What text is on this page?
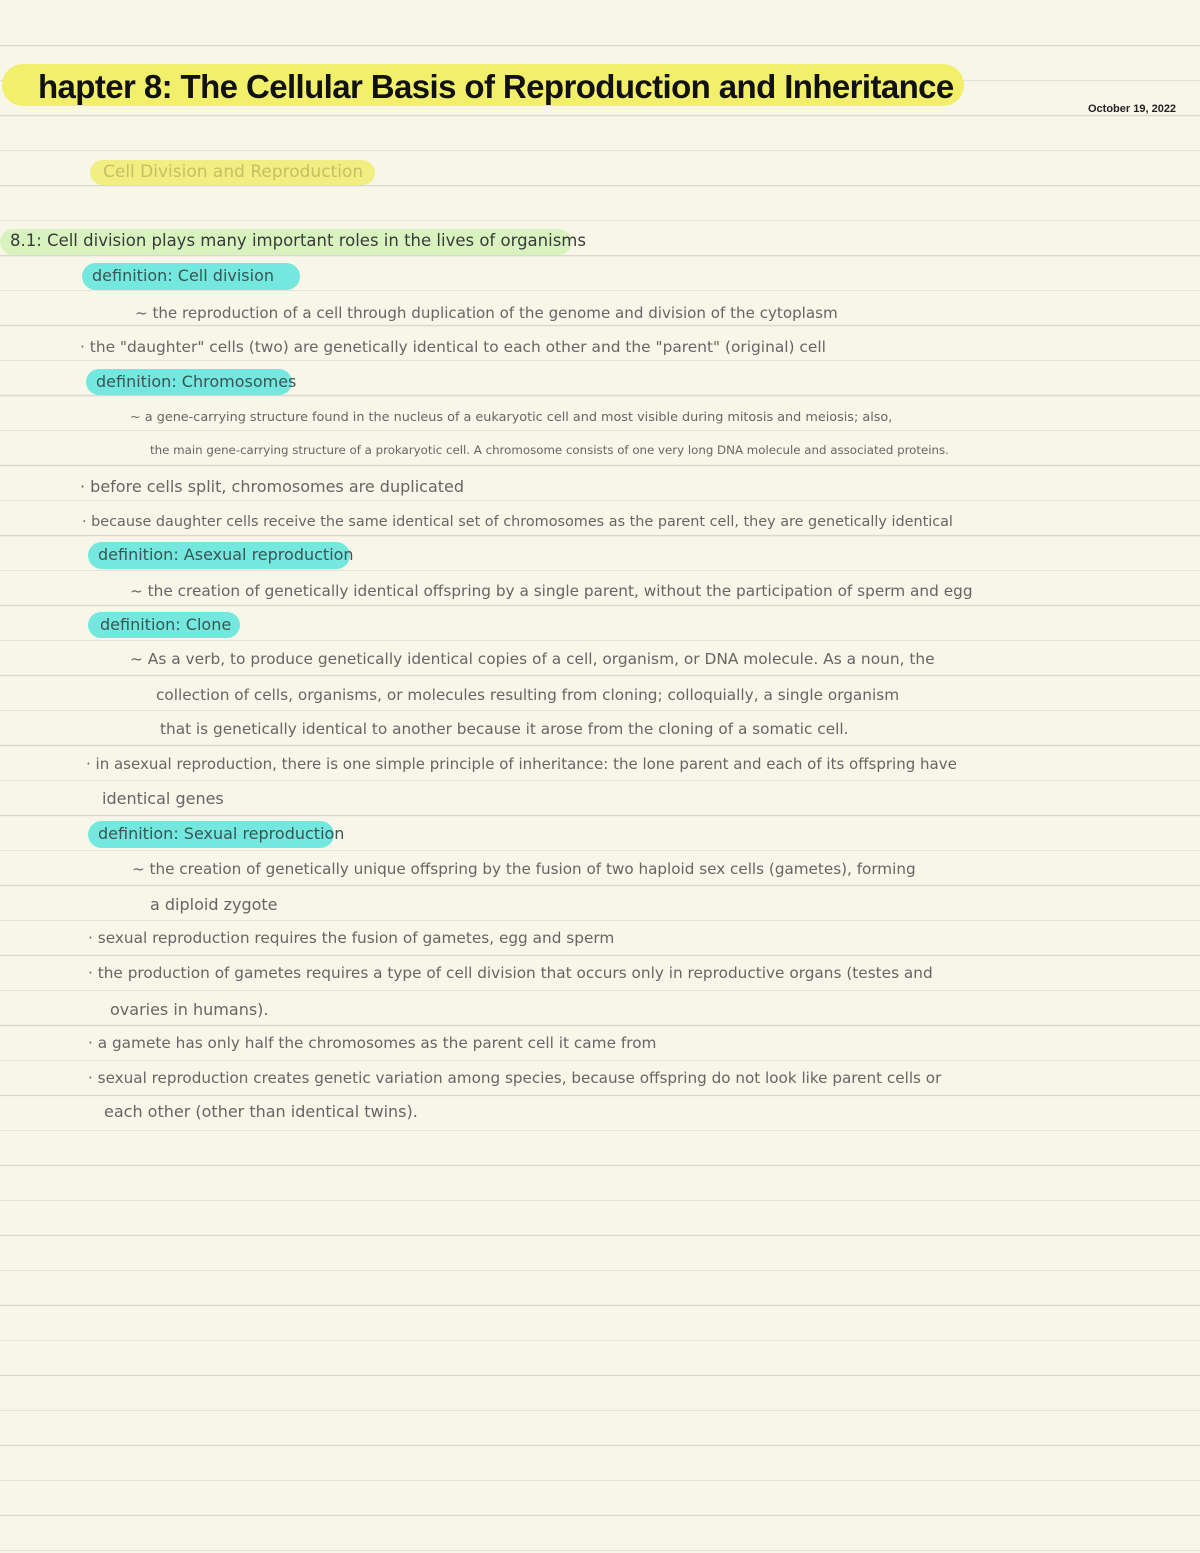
hapter 8: The Cellular Basis of Reproduction and Inheritance
October 19, 2022
Cell Division and Reproduction
8.1: Cell division plays many important roles in the lives of organisms
definition: Cell division
~ the reproduction of a cell through duplication of the genome and division of the cytoplasm
· the "daughter" cells (two) are genetically identical to each other and the "parent" (original) cell
definition: Chromosomes
~ a gene-carrying structure found in the nucleus of a eukaryotic cell and most visible during mitosis and meiosis; also,
the main gene-carrying structure of a prokaryotic cell. A chromosome consists of one very long DNA molecule and associated proteins.
· before cells split, chromosomes are duplicated
· because daughter cells receive the same identical set of chromosomes as the parent cell, they are genetically identical
definition: Asexual reproduction
~ the creation of genetically identical offspring by a single parent, without the participation of sperm and egg
definition: Clone
~ As a verb, to produce genetically identical copies of a cell, organism, or DNA molecule. As a noun, the
collection of cells, organisms, or molecules resulting from cloning; colloquially, a single organism
that is genetically identical to another because it arose from the cloning of a somatic cell.
· in asexual reproduction, there is one simple principle of inheritance: the lone parent and each of its offspring have
identical genes
definition: Sexual reproduction
~ the creation of genetically unique offspring by the fusion of two haploid sex cells (gametes), forming
a diploid zygote
· sexual reproduction requires the fusion of gametes, egg and sperm
· the production of gametes requires a type of cell division that occurs only in reproductive organs (testes and
ovaries in humans).
· a gamete has only half the chromosomes as the parent cell it came from
· sexual reproduction creates genetic variation among species, because offspring do not look like parent cells or
each other (other than identical twins).
